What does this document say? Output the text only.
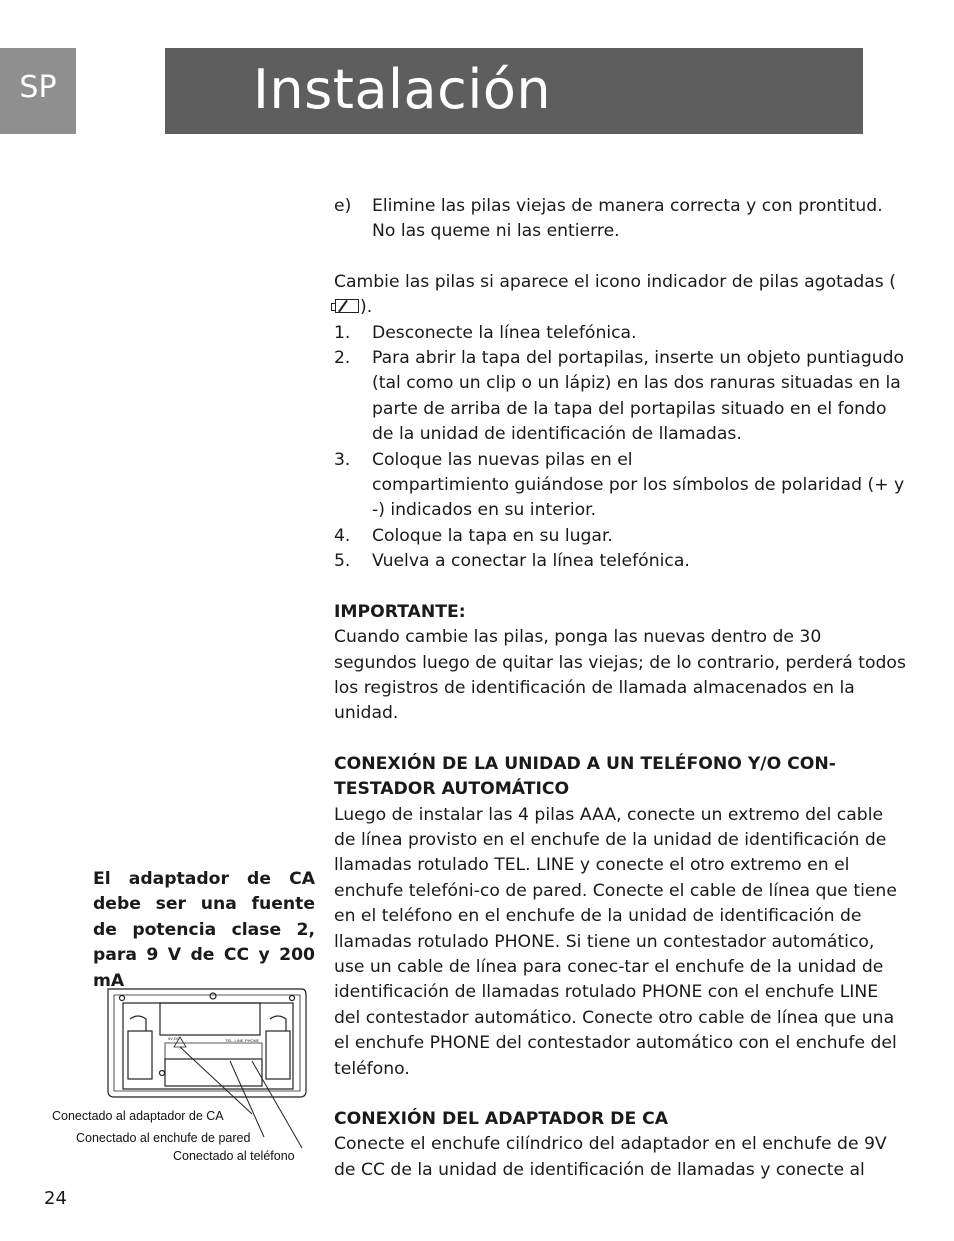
SP	Instalación
e)	Elimine las pilas viejas de manera correcta y con prontitud. No las queme ni las entierre.

Cambie las pilas si aparece el icono indicador de pilas agotadas ().

1.	Desconecte la línea telefónica.
2.	Para abrir la tapa del portapilas, inserte un objeto puntiagudo (tal como un clip o un lápiz) en las dos ranuras situadas en la parte de arriba de la tapa del portapilas situado en el fondo de la unidad de identificación de llamadas.
3.	Coloque las nuevas pilas en el
compartimiento guiándose por los símbolos de polaridad (+ y -) indicados en su interior.
4.	Coloque la tapa en su lugar.
5.	Vuelva a conectar la línea telefónica.

IMPORTANTE:

Cuando cambie las pilas, ponga las nuevas dentro de 30 segundos luego de quitar las viejas; de lo contrario, perderá todos los registros de identificación de llamada almacenados en la unidad.

CONEXIÓN DE LA UNIDAD A UN TELÉFONO Y/O CON-TESTADOR AUTOMÁTICO

Luego de instalar las 4 pilas AAA, conecte un extremo del cable de línea provisto en el enchufe de la unidad de identificación de llamadas rotulado TEL. LINE y conecte el otro extremo en el enchufe telefóni-co de pared. Conecte el cable de línea que tiene en el teléfono en el enchufe de la unidad de identificación de llamadas rotulado PHONE. Si tiene un contestador automático, use un cable de línea para conec-tar el enchufe de la unidad de identificación de llamadas rotulado PHONE con el enchufe LINE del contestador automático. Conecte otro cable de línea que una el enchufe PHONE del contestador automático con el enchufe del teléfono.

CONEXIÓN DEL ADAPTADOR DE CA

Conecte el enchufe cilíndrico del adaptador en el enchufe de 9V de CC de la unidad de identificación de llamadas y conecte al

El adaptador de CA debe ser una fuente de potencia clase 2, para 9 V de CC y 200 mA
9V DC	TEL. LINE PHONE
Conectado al adaptador de CA
Conectado al enchufe de pared
Conectado al teléfono
24
